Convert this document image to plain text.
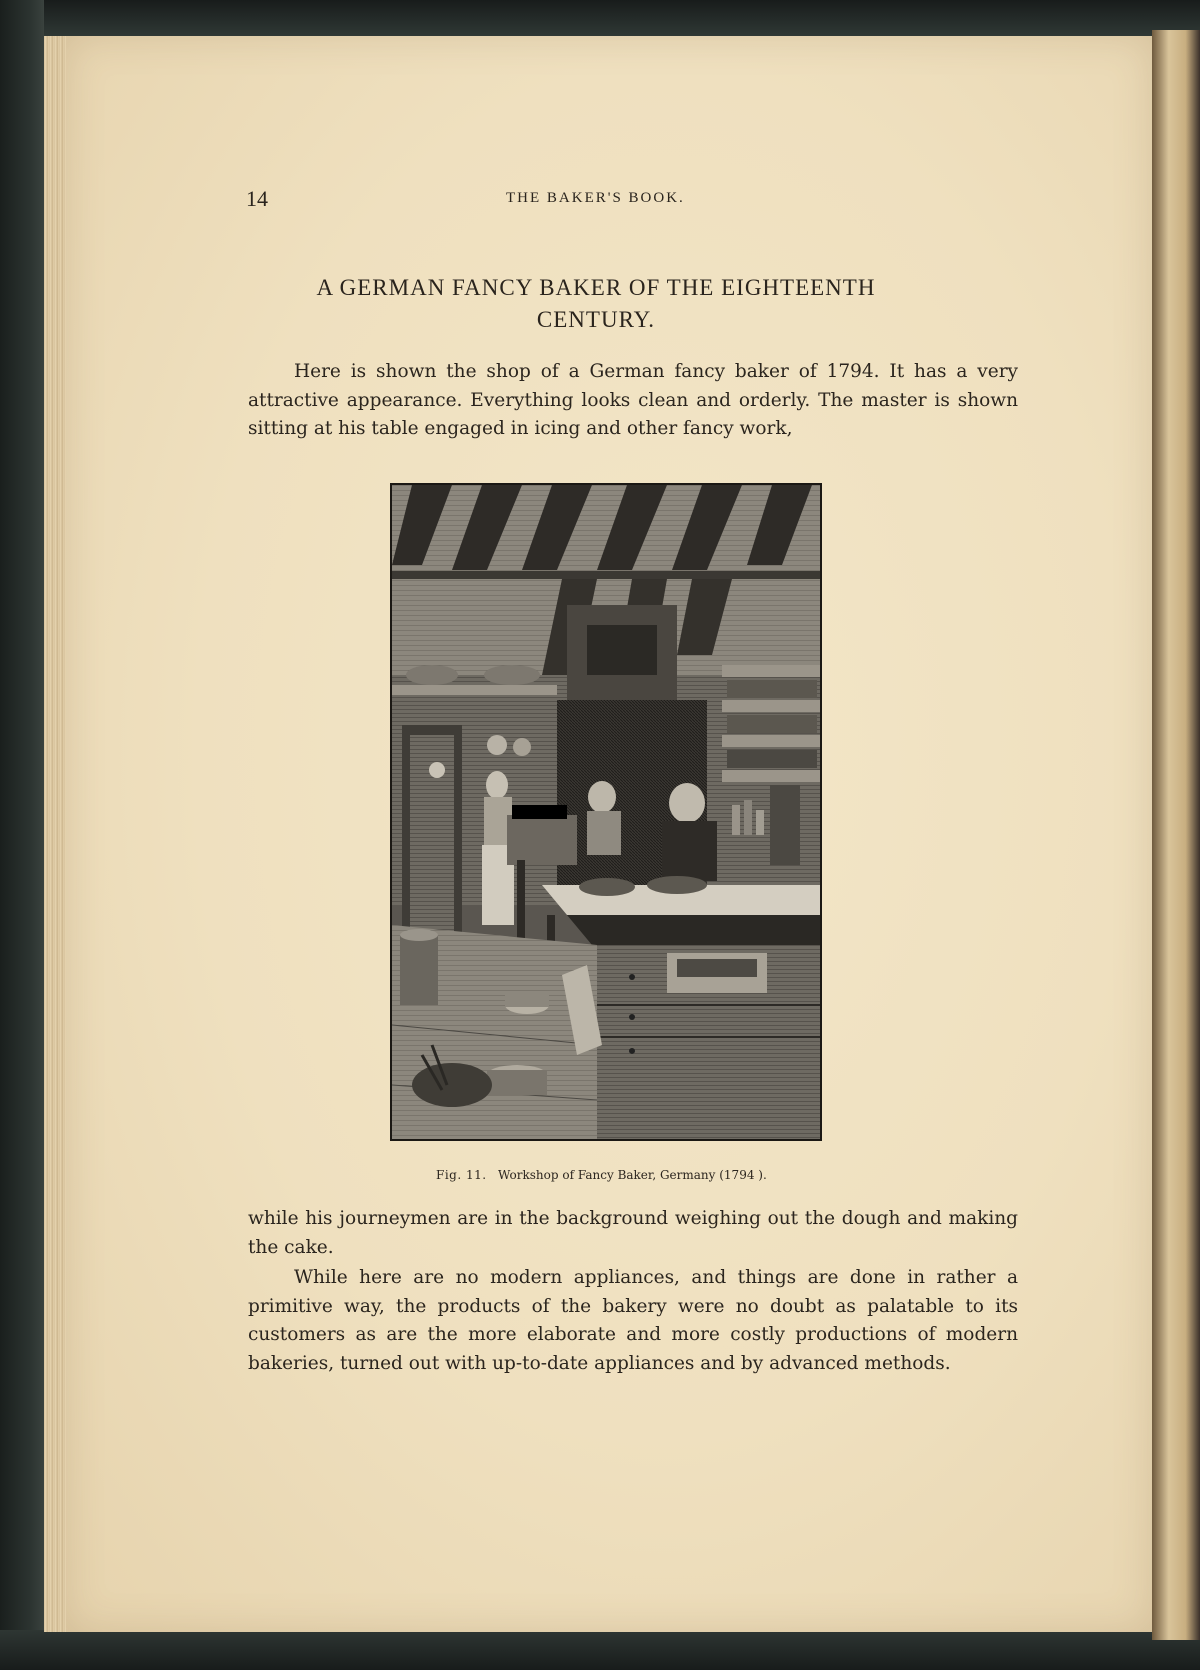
14	THE BAKER'S BOOK.
A GERMAN FANCY BAKER OF THE EIGHTEENTH
CENTURY.

Here is shown the shop of a German fancy baker of 1794. It has a very attractive appearance. Everything looks clean and orderly. The master is shown sitting at his table engaged in icing and other fancy work,

Fig. 11. Workshop of Fancy Baker, Germany (1794 ).

while his journeymen are in the background weighing out the dough and making the cake.

While here are no modern appliances, and things are done in rather a primitive way, the products of the bakery were no doubt as palatable to its customers as are the more elaborate and more costly productions of modern bakeries, turned out with up-to-date appliances and by advanced methods.
